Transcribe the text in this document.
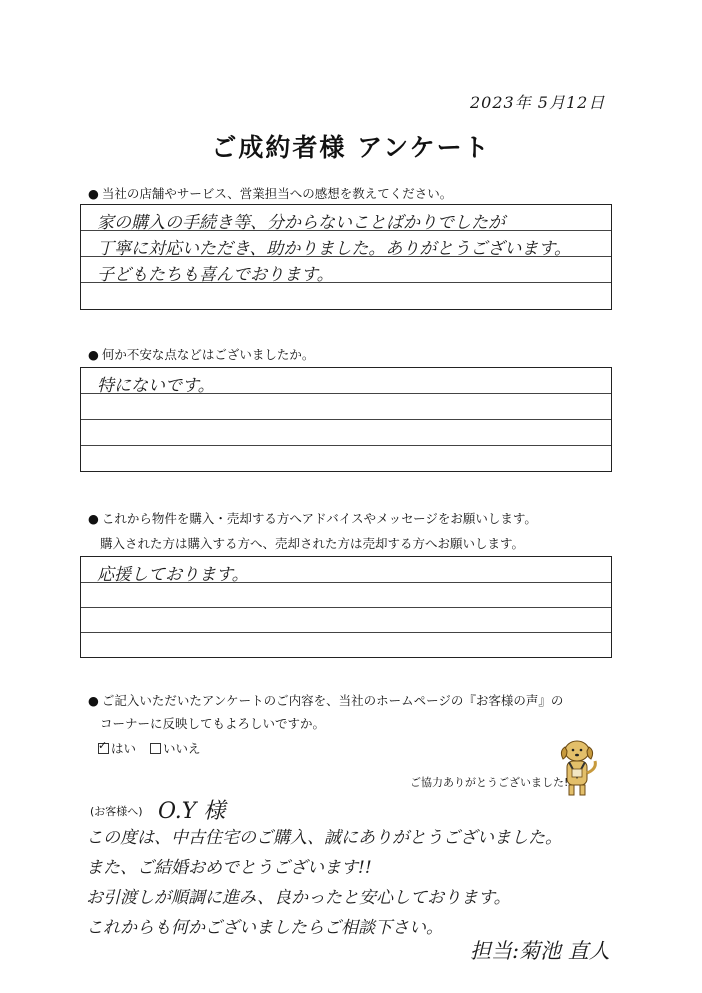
2023年 5月12日
ご成約者様 アンケート
● 当社の店舗やサービス、営業担当への感想を教えてください。
家の購入の手続き等、分からないことばかりでしたが
丁寧に対応いただき、助かりました。ありがとうございます。
子どもたちも喜んでおります。
● 何か不安な点などはございましたか。
特にないです。
● これから物件を購入・売却する方へアドバイスやメッセージをお願いします。
購入された方は購入する方へ、売却された方は売却する方へお願いします。
応援しております。
● ご記入いただいたアンケートのご内容を、当社のホームページの『お客様の声』の
コーナーに反映してもよろしいですか。
✓はい	いいえ
ご協力ありがとうございました!
(お客様へ) O.Y 様
この度は、中古住宅のご購入、誠にありがとうございました。
また、ご結婚おめでとうございます!!
お引渡しが順調に進み、良かったと安心しております。
これからも何かございましたらご相談下さい。
担当:菊池 直人
